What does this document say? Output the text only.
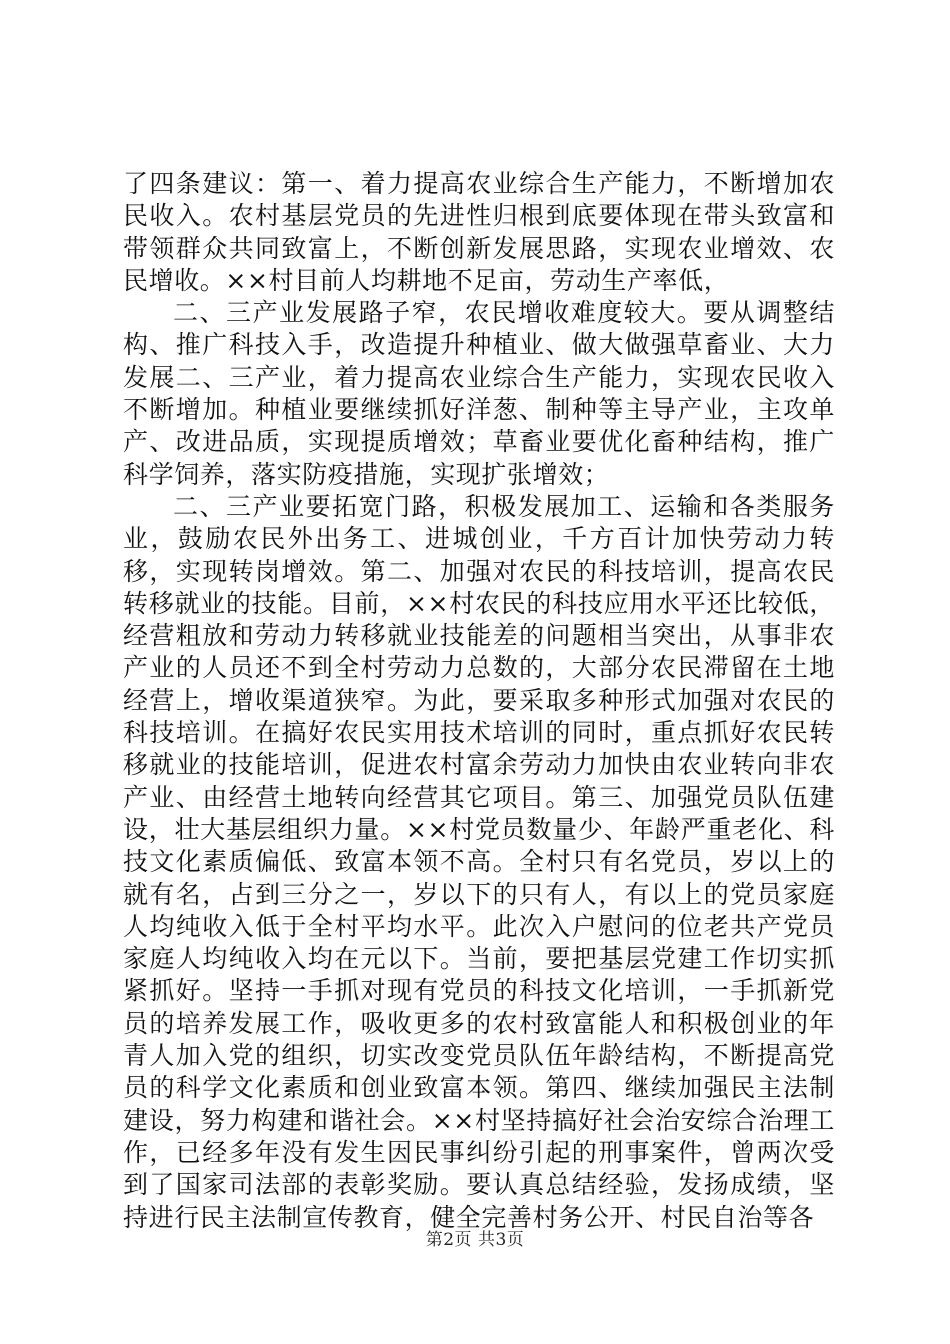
了四条建议：第一、着力提高农业综合生产能力，不断增加农民收入。农村基层党员的先进性归根到底要体现在带头致富和带领群众共同致富上，不断创新发展思路，实现农业增效、农民增收。××村目前人均耕地不足亩，劳动生产率低，

二、三产业发展路子窄，农民增收难度较大。要从调整结构、推广科技入手，改造提升种植业、做大做强草畜业、大力发展二、三产业，着力提高农业综合生产能力，实现农民收入不断增加。种植业要继续抓好洋葱、制种等主导产业，主攻单产、改进品质，实现提质增效；草畜业要优化畜种结构，推广科学饲养，落实防疫措施，实现扩张增效；

二、三产业要拓宽门路，积极发展加工、运输和各类服务业，鼓励农民外出务工、进城创业，千方百计加快劳动力转移，实现转岗增效。第二、加强对农民的科技培训，提高农民转移就业的技能。目前，××村农民的科技应用水平还比较低，经营粗放和劳动力转移就业技能差的问题相当突出，从事非农产业的人员还不到全村劳动力总数的，大部分农民滞留在土地经营上，增收渠道狭窄。为此，要采取多种形式加强对农民的科技培训。在搞好农民实用技术培训的同时，重点抓好农民转移就业的技能培训，促进农村富余劳动力加快由农业转向非农产业、由经营土地转向经营其它项目。第三、加强党员队伍建设，壮大基层组织力量。××村党员数量少、年龄严重老化、科技文化素质偏低、致富本领不高。全村只有名党员，岁以上的就有名，占到三分之一，岁以下的只有人，有以上的党员家庭人均纯收入低于全村平均水平。此次入户慰问的位老共产党员家庭人均纯收入均在元以下。当前，要把基层党建工作切实抓紧抓好。坚持一手抓对现有党员的科技文化培训，一手抓新党员的培养发展工作，吸收更多的农村致富能人和积极创业的年青人加入党的组织，切实改变党员队伍年龄结构，不断提高党员的科学文化素质和创业致富本领。第四、继续加强民主法制建设，努力构建和谐社会。××村坚持搞好社会治安综合治理工作，已经多年没有发生因民事纠纷引起的刑事案件，曾两次受到了国家司法部的表彰奖励。要认真总结经验，发扬成绩，坚持进行民主法制宣传教育，健全完善村务公开、村民自治等各

第2页 共3页
